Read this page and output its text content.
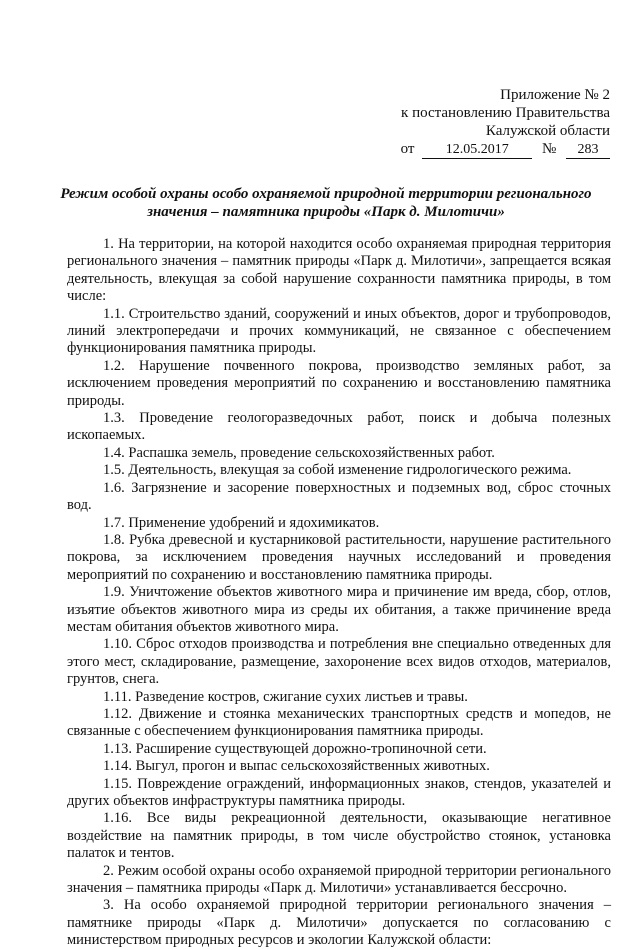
Приложение № 2
к постановлению Правительства
Калужской области
от 12.05.2017 № 283
Режим особой охраны особо охраняемой природной территории регионального
значения – памятника природы «Парк д. Милотичи»

1. На территории, на которой находится особо охраняемая природная территория регионального значения – памятник природы «Парк д. Милотичи», запрещается всякая деятельность, влекущая за собой нарушение сохранности памятника природы, в том числе:

1.1. Строительство зданий, сооружений и иных объектов, дорог и трубопроводов, линий электропередачи и прочих коммуникаций, не связанное с обеспечением функционирования памятника природы.

1.2. Нарушение почвенного покрова, производство земляных работ, за исключением проведения мероприятий по сохранению и восстановлению памятника природы.

1.3. Проведение геологоразведочных работ, поиск и добыча полезных ископаемых.

1.4. Распашка земель, проведение сельскохозяйственных работ.

1.5. Деятельность, влекущая за собой изменение гидрологического режима.

1.6. Загрязнение и засорение поверхностных и подземных вод, сброс сточных вод.

1.7. Применение удобрений и ядохимикатов.

1.8. Рубка древесной и кустарниковой растительности, нарушение растительного покрова, за исключением проведения научных исследований и проведения мероприятий по сохранению и восстановлению памятника природы.

1.9. Уничтожение объектов животного мира и причинение им вреда, сбор, отлов, изъятие объектов животного мира из среды их обитания, а также причинение вреда местам обитания объектов животного мира.

1.10. Сброс отходов производства и потребления вне специально отведенных для этого мест, складирование, размещение, захоронение всех видов отходов, материалов, грунтов, снега.

1.11. Разведение костров, сжигание сухих листьев и травы.

1.12. Движение и стоянка механических транспортных средств и мопедов, не связанные с обеспечением функционирования памятника природы.

1.13. Расширение существующей дорожно-тропиночной сети.

1.14. Выгул, прогон и выпас сельскохозяйственных животных.

1.15. Повреждение ограждений, информационных знаков, стендов, указателей и других объектов инфраструктуры памятника природы.

1.16. Все виды рекреационной деятельности, оказывающие негативное воздействие на памятник природы, в том числе обустройство стоянок, установка палаток и тентов.

2. Режим особой охраны особо охраняемой природной территории регионального значения – памятника природы «Парк д. Милотичи» устанавливается бессрочно.

3. На особо охраняемой природной территории регионального значения – памятнике природы «Парк д. Милотичи» допускается по согласованию с министерством природных ресурсов и экологии Калужской области:
